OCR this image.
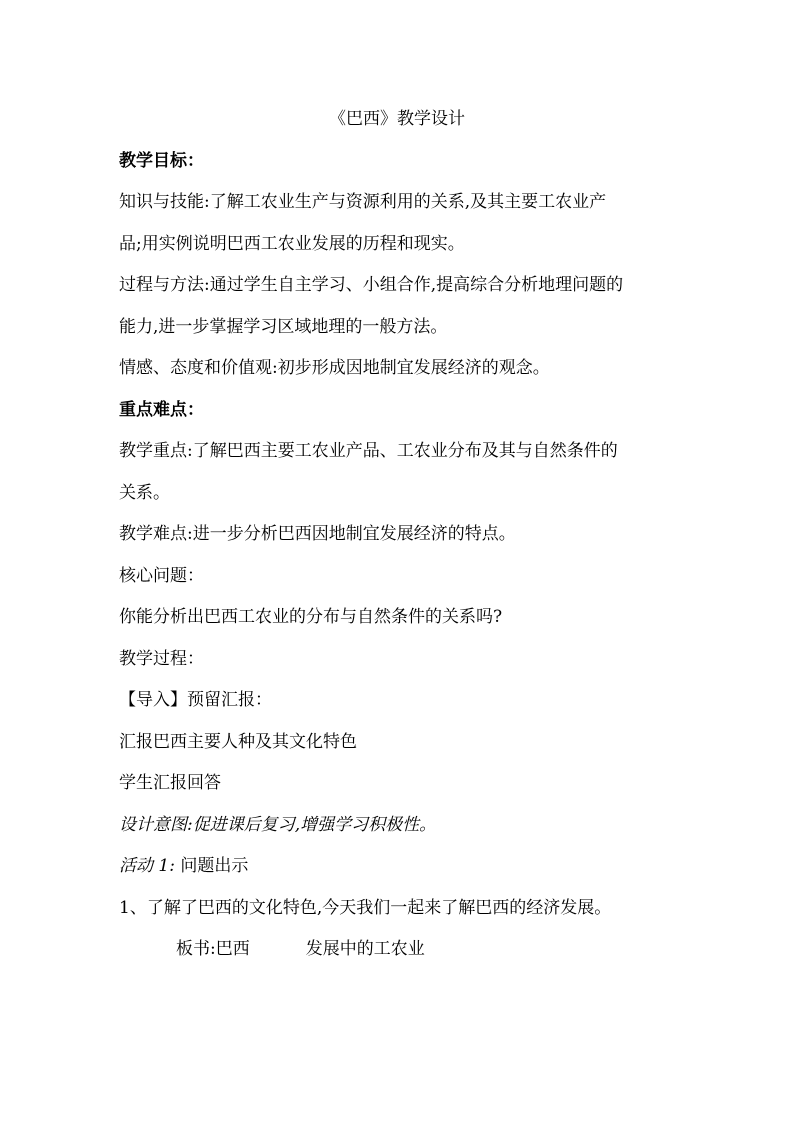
《巴西》教学设计
教学目标：
知识与技能:了解工农业生产与资源利用的关系,及其主要工农业产
品;用实例说明巴西工农业发展的历程和现实。
过程与方法:通过学生自主学习、小组合作,提高综合分析地理问题的
能力,进一步掌握学习区域地理的一般方法。
情感、态度和价值观:初步形成因地制宜发展经济的观念。
重点难点：
教学重点:了解巴西主要工农业产品、工农业分布及其与自然条件的
关系。
教学难点:进一步分析巴西因地制宜发展经济的特点。
核心问题：
你能分析出巴西工农业的分布与自然条件的关系吗?
教学过程：
【导入】预留汇报：
汇报巴西主要人种及其文化特色
学生汇报回答
设计意图:促进课后复习,增强学习积极性。
活动 1: 问题出示
1、了解了巴西的文化特色,今天我们一起来了解巴西的经济发展。
板书:巴西	发展中的工农业
